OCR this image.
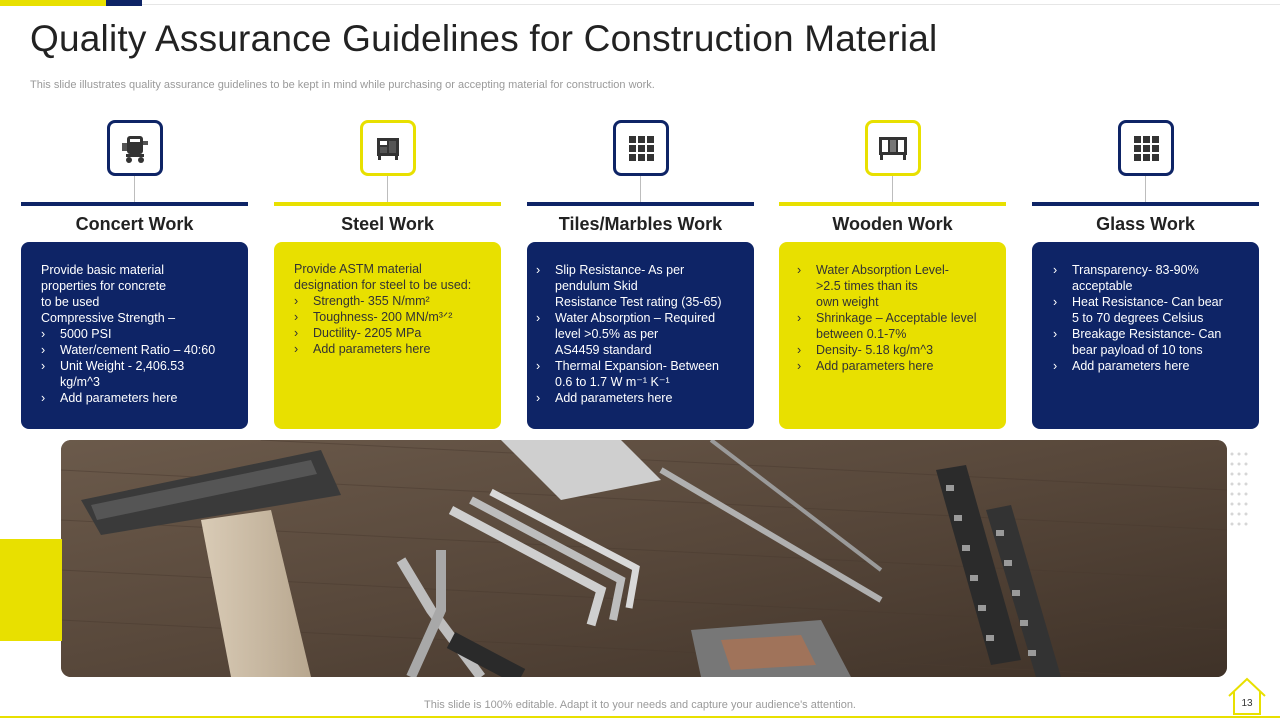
Quality Assurance Guidelines for Construction Material
This slide illustrates quality assurance guidelines to be kept in mind while purchasing or accepting material for construction work.
Concert Work
Provide basic material
properties for concrete
to be used
Compressive Strength –
›	5000 PSI
›	Water/cement Ratio – 40:60
›	Unit Weight - 2,406.53
kg/m^3
›	Add parameters here
Steel Work
Provide ASTM material
designation for steel to be used:
›	Strength- 355 N/mm²
›	Toughness- 200 MN/m³ᐟ²
›	Ductility- 2205 MPa
›	Add parameters here
Tiles/Marbles Work
›	Slip Resistance- As per
pendulum Skid
Resistance Test rating (35-65)
›	Water Absorption – Required
level >0.5% as per
AS4459 standard
›	Thermal Expansion- Between
0.6 to 1.7 W m⁻¹ K⁻¹
›	Add parameters here
Wooden Work
›	Water Absorption Level-
>2.5 times than its
own weight
›	Shrinkage – Acceptable level
between 0.1-7%
›	Density- 5.18 kg/m^3
›	Add parameters here
Glass Work
›	Transparency- 83-90%
acceptable
›	Heat Resistance- Can bear
5 to 70 degrees Celsius
›	Breakage Resistance- Can
bear payload of 10 tons
›	Add parameters here
This slide is 100% editable. Adapt it to your needs and capture your audience's attention.	13
